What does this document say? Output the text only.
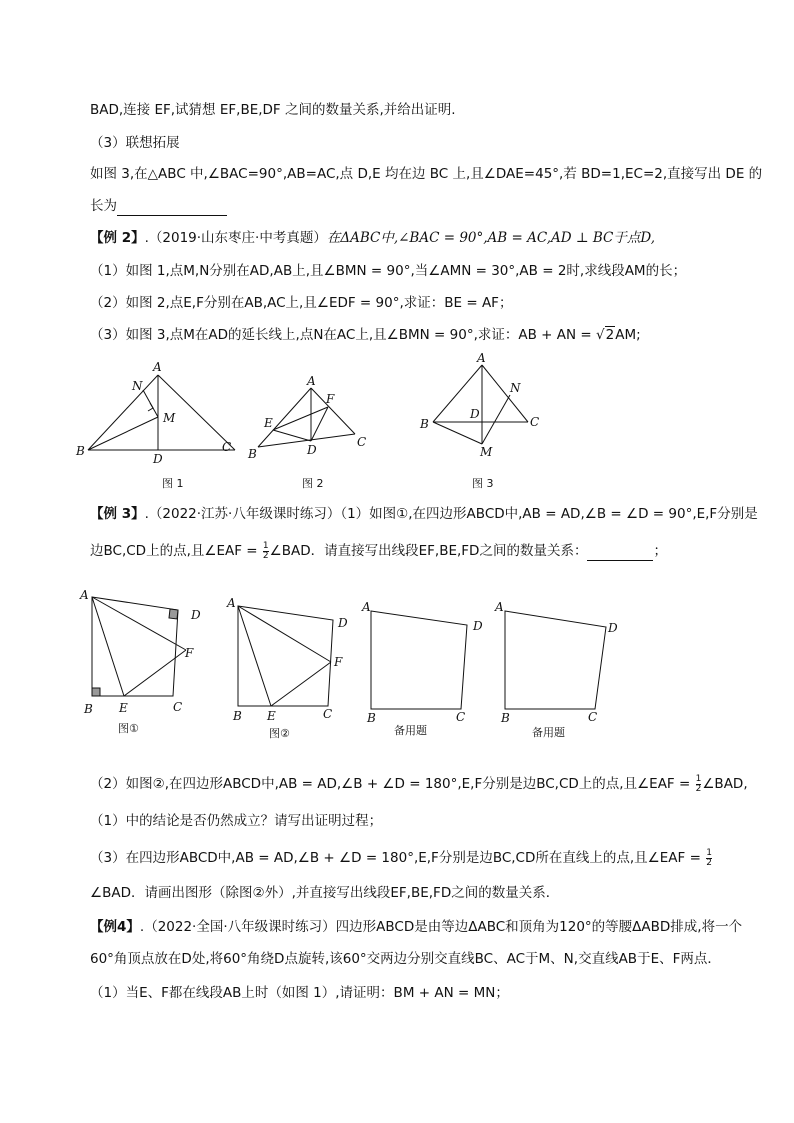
BAD,连接 EF,试猜想 EF,BE,DF 之间的数量关系,并给出证明.
（3）联想拓展
如图 3,在△ABC 中,∠BAC=90°,AB=AC,点 D,E 均在边 BC 上,且∠DAE=45°,若 BD=1,EC=2,直接写出 DE 的
长为
【例 2】.（2019·山东枣庄·中考真题）在ΔABC中,∠BAC = 90°,AB = AC,AD ⊥ BC于点D,
（1）如图 1,点M,N分别在AD,AB上,且∠BMN = 90°,当∠AMN = 30°,AB = 2时,求线段AM的长；
（2）如图 2,点E,F分别在AB,AC上,且∠EDF = 90°,求证：BE = AF；
（3）如图 3,点M在AD的延长线上,点N在AC上,且∠BMN = 90°,求证：AB + AN = √2AM;
A
N
M
B
D
C
图 1
A
F
E
D
C
B
图 2
A
N
D
B	C
M
图 3
【例 3】.（2022·江苏·八年级课时练习）（1）如图①,在四边形ABCD中,AB = AD,∠B = ∠D = 90°,E,F分别是
边BC,CD上的点,且∠EAF = $\frac{1}{2}$ ∠BAD．请直接写出线段EF,BE,FD之间的数量关系：	；
A
D
F
B E	C
图①
A
D
F
B E	C
图②
A
D
B	C
备用题
A
D
B	C
备用题
（2）如图②,在四边形ABCD中,AB = AD,∠B + ∠D = 180°,E,F分别是边BC,CD上的点,且∠EAF = $\frac{1}{2}$ ∠BAD,
（1）中的结论是否仍然成立？请写出证明过程；
（3）在四边形ABCD中,AB = AD,∠B + ∠D = 180°,E,F分别是边BC,CD所在直线上的点,且∠EAF = $\frac{1}{2}$
∠BAD．请画出图形（除图②外）,并直接写出线段EF,BE,FD之间的数量关系．
【例4】.（2022·全国·八年级课时练习）四边形ABCD是由等边ΔABC和顶角为120°的等腰ΔABD排成,将一个
60°角顶点放在D处,将60°角绕D点旋转,该60°交两边分别交直线BC、AC于M、N,交直线AB于E、F两点．
（1）当E、F都在线段AB上时（如图 1）,请证明：BM + AN = MN；
